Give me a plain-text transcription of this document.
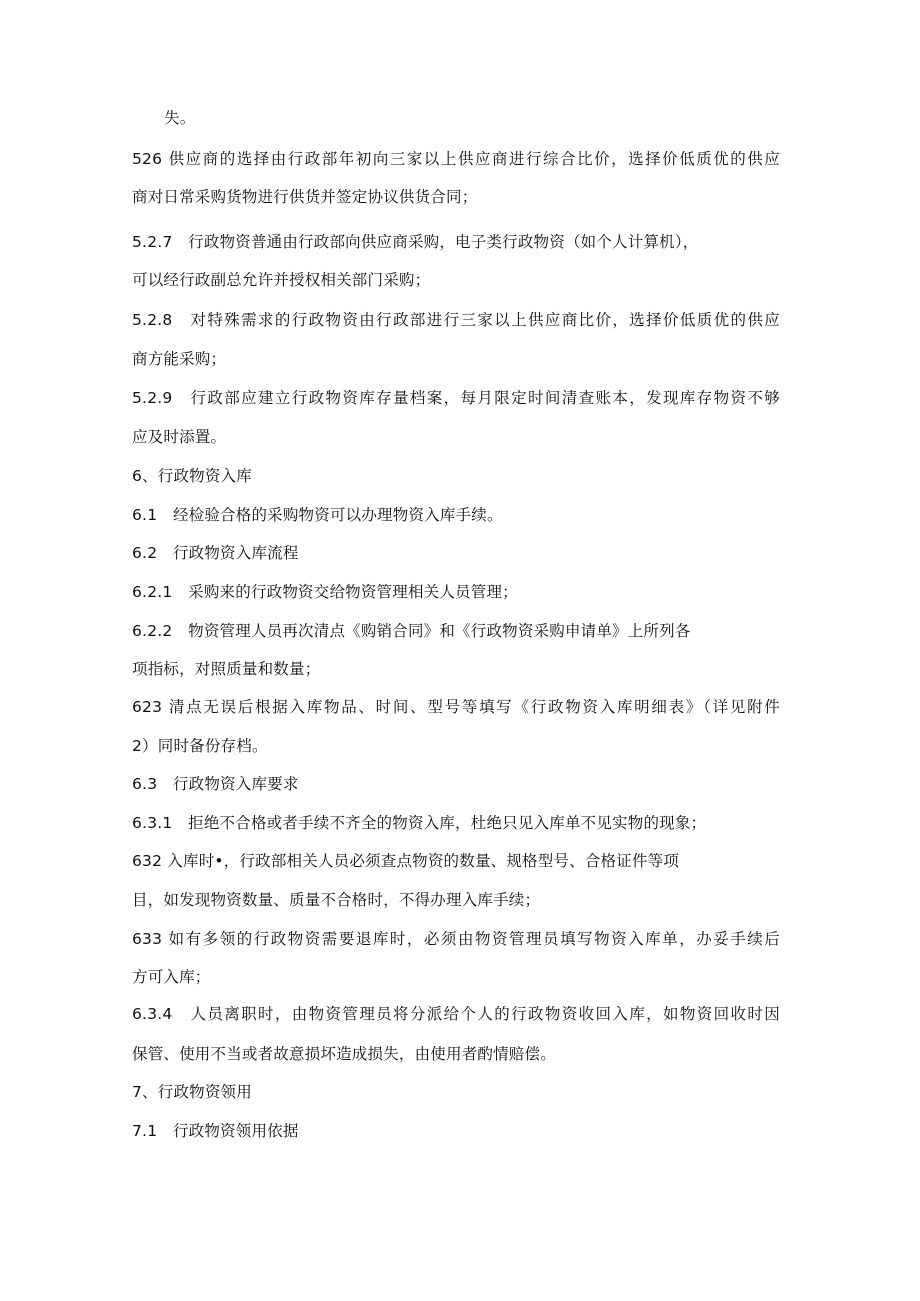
失。
526 供应商的选择由行政部年初向三家以上供应商进行综合比价，选择价低质优的供应
商对日常采购货物进行供货并签定协议供货合同；
5.2.7　行政物资普通由行政部向供应商采购，电子类行政物资（如个人计算机），
可以经行政副总允许并授权相关部门采购；
5.2.8　对特殊需求的行政物资由行政部进行三家以上供应商比价，选择价低质优的供应
商方能采购；
5.2.9　行政部应建立行政物资库存量档案，每月限定时间清查账本，发现库存物资不够
应及时添置。
6、行政物资入库
6.1　经检验合格的采购物资可以办理物资入库手续。
6.2　行政物资入库流程
6.2.1　采购来的行政物资交给物资管理相关人员管理；
6.2.2　物资管理人员再次清点《购销合同》和《行政物资采购申请单》上所列各
项指标，对照质量和数量；
623 清点无误后根据入库物品、时间、型号等填写《行政物资入库明细表》（详见附件
2）同时备份存档。
6.3　行政物资入库要求
6.3.1　拒绝不合格或者手续不齐全的物资入库，杜绝只见入库单不见实物的现象；
632 入库时•，行政部相关人员必须查点物资的数量、规格型号、合格证件等项
目，如发现物资数量、质量不合格时，不得办理入库手续；
633 如有多领的行政物资需要退库时，必须由物资管理员填写物资入库单，办妥手续后
方可入库；
6.3.4　人员离职时，由物资管理员将分派给个人的行政物资收回入库，如物资回收时因
保管、使用不当或者故意损坏造成损失，由使用者酌情赔偿。
7、行政物资领用
7.1　行政物资领用依据
